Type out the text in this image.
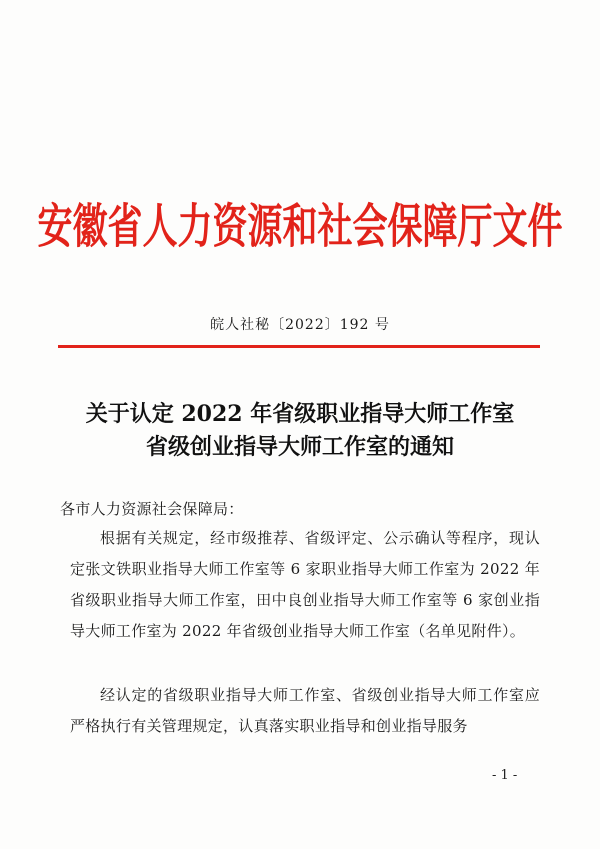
安徽省人力资源和社会保障厅文件
皖人社秘〔2022〕192 号
关于认定 2022 年省级职业指导大师工作室
省级创业指导大师工作室的通知
各市人力资源社会保障局：
根据有关规定，经市级推荐、省级评定、公示确认等程序，现认定张文铁职业指导大师工作室等 6 家职业指导大师工作室为 2022 年省级职业指导大师工作室，田中良创业指导大师工作室等 6 家创业指导大师工作室为 2022 年省级创业指导大师工作室（名单见附件）。
经认定的省级职业指导大师工作室、省级创业指导大师工作室应严格执行有关管理规定，认真落实职业指导和创业指导服务
- 1 -
